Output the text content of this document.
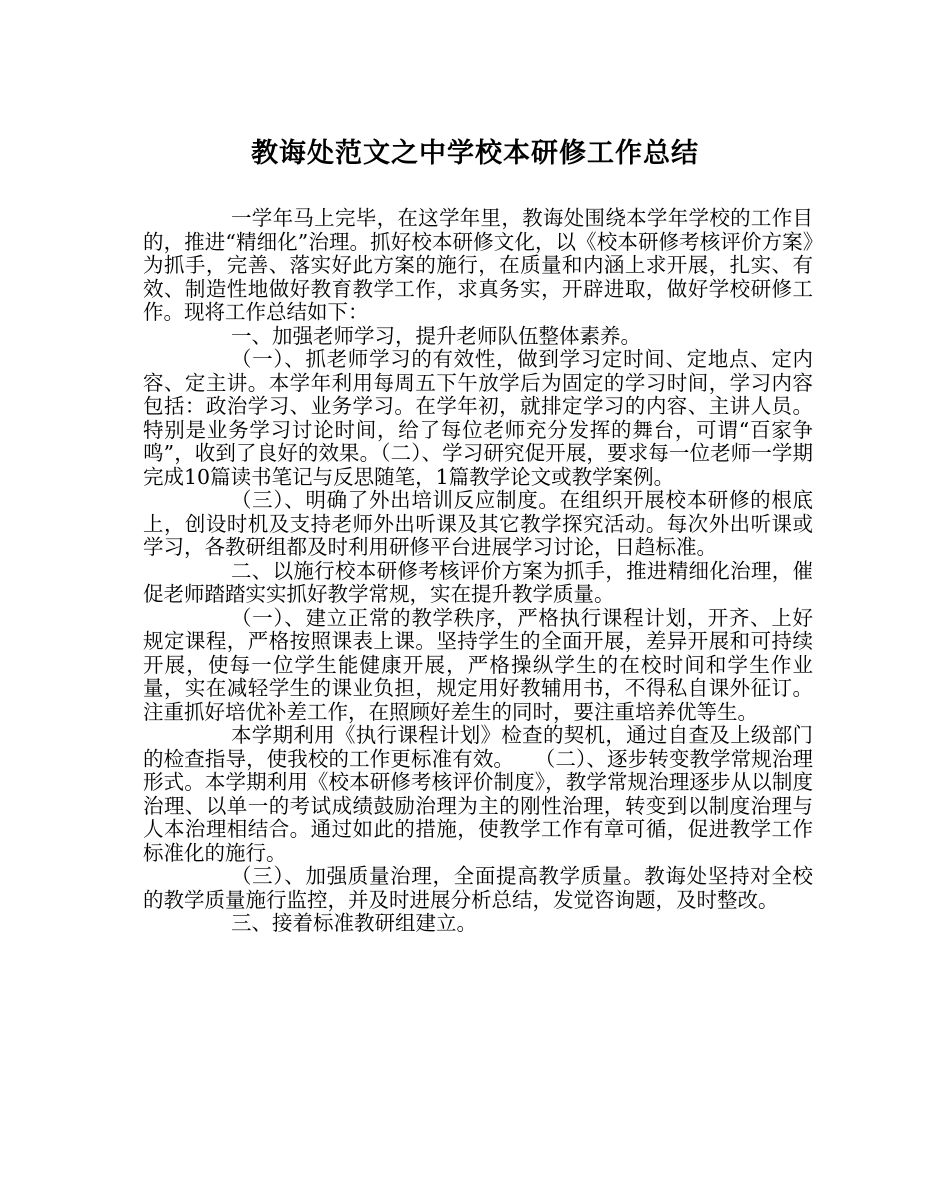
教诲处范文之中学校本研修工作总结

一学年马上完毕，在这学年里，教诲处围绕本学年学校的工作目的，推进“精细化”治理。抓好校本研修文化，以《校本研修考核评价方案》为抓手，完善、落实好此方案的施行，在质量和内涵上求开展，扎实、有效、制造性地做好教育教学工作，求真务实，开辟进取，做好学校研修工作。现将工作总结如下：

一、加强老师学习，提升老师队伍整体素养。

（一）、抓老师学习的有效性，做到学习定时间、定地点、定内容、定主讲。本学年利用每周五下午放学后为固定的学习时间，学习内容包括：政治学习、业务学习。在学年初，就排定学习的内容、主讲人员。特别是业务学习讨论时间，给了每位老师充分发挥的舞台，可谓“百家争鸣”，收到了良好的效果。（二）、学习研究促开展，要求每一位老师一学期完成10篇读书笔记与反思随笔，1篇教学论文或教学案例。

（三）、明确了外出培训反应制度。在组织开展校本研修的根底上，创设时机及支持老师外出听课及其它教学探究活动。每次外出听课或学习，各教研组都及时利用研修平台进展学习讨论，日趋标准。

二、以施行校本研修考核评价方案为抓手，推进精细化治理，催促老师踏踏实实抓好教学常规，实在提升教学质量。

（一）、建立正常的教学秩序，严格执行课程计划，开齐、上好规定课程，严格按照课表上课。坚持学生的全面开展，差异开展和可持续开展，使每一位学生能健康开展，严格操纵学生的在校时间和学生作业量，实在减轻学生的课业负担，规定用好教辅用书，不得私自课外征订。注重抓好培优补差工作，在照顾好差生的同时，要注重培养优等生。

本学期利用《执行课程计划》检查的契机，通过自查及上级部门的检查指导，使我校的工作更标准有效。　　（二）、逐步转变教学常规治理形式。本学期利用《校本研修考核评价制度》，教学常规治理逐步从以制度治理、以单一的考试成绩鼓励治理为主的刚性治理，转变到以制度治理与人本治理相结合。通过如此的措施，使教学工作有章可循，促进教学工作标准化的施行。

（三）、加强质量治理，全面提高教学质量。教诲处坚持对全校的教学质量施行监控，并及时进展分析总结，发觉咨询题，及时整改。

三、接着标准教研组建立。
